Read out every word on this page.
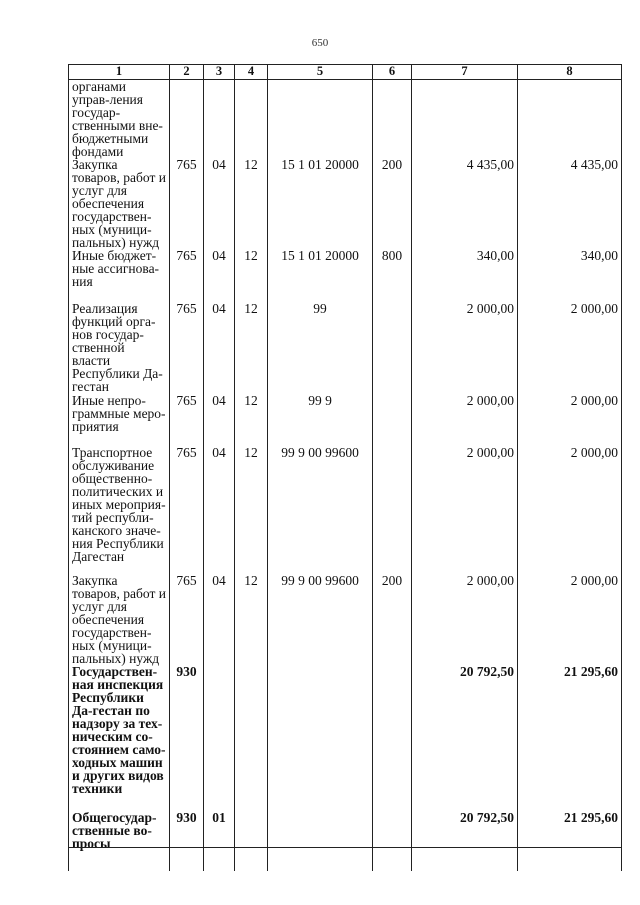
650
1	2	3	4	5	6	7	8
органами управ-ления государ-ственными вне-бюджетными фондами							
Закупка товаров, работ и услуг для обеспечения государствен-ных (муници-пальных) нужд	765	04	12	15 1 01 20000	200	4 435,00	4 435,00
Иные бюджет-ные ассигнова-ния	765	04	12	15 1 01 20000	800	340,00	340,00
Реализация функций орга-нов государ-ственной власти Республики Да-гестан	765	04	12	99		2 000,00	2 000,00
Иные непро-граммные меро-приятия	765	04	12	99 9		2 000,00	2 000,00
Транспортное обслуживание общественно-политических и иных мероприя-тий республи-канского значе-ния Республики Дагестан	765	04	12	99 9 00 99600		2 000,00	2 000,00
Закупка товаров, работ и услуг для обеспечения государствен-ных (муници-пальных) нужд	765	04	12	99 9 00 99600	200	2 000,00	2 000,00
Государствен-ная инспекция Республики Да-гестан по надзору за тех-ническим со-стоянием само-ходных машин и других видов техники	930					20 792,50	21 295,60
Общегосудар-ственные во-просы	930	01				20 792,50	21 295,60
